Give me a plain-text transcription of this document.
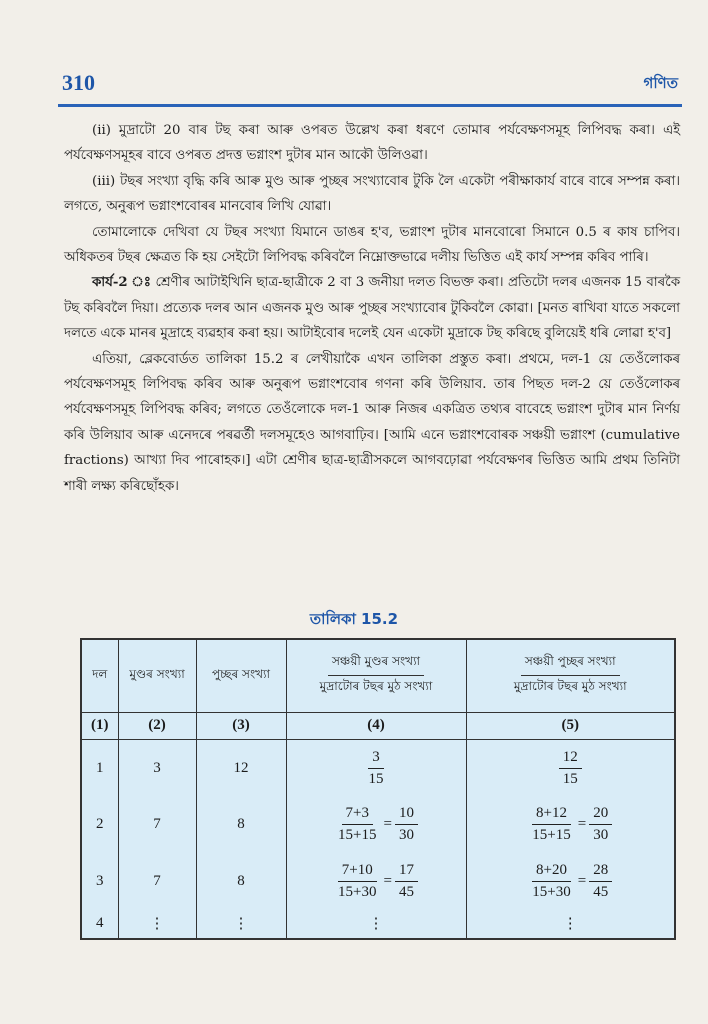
310	গণিত

(ii) মুদ্ৰাটো 20 বাৰ টছ কৰা আৰু ওপৰত উল্লেখ কৰা ধৰণে তোমাৰ পৰ্যবেক্ষণসমূহ লিপিবদ্ধ কৰা। এই পৰ্যবেক্ষণসমূহৰ বাবে ওপৰত প্ৰদত্ত ভগ্নাংশ দুটাৰ মান আকৌ উলিওৱা।

(iii) টছৰ সংখ্যা বৃদ্ধি কৰি আৰু মুণ্ড আৰু পুচ্ছৰ সংখ্যাবোৰ টুকি লৈ একেটা পৰীক্ষাকাৰ্য বাৰে বাৰে সম্পন্ন কৰা। লগতে, অনুৰূপ ভগ্নাংশবোৰৰ মানবোৰ লিখি যোৱা।

তোমালোকে দেখিবা যে টছৰ সংখ্যা যিমানে ডাঙৰ হ'ব, ভগ্নাংশ দুটাৰ মানবোৰো সিমানে 0.5 ৰ কাষ চাপিব। অধিকতৰ টছৰ ক্ষেত্ৰত কি হয় সেইটো লিপিবদ্ধ কৰিবলৈ নিম্নোক্তভাৱে দলীয় ভিত্তিত এই কাৰ্য সম্পন্ন কৰিব পাৰি।

কাৰ্য-2 ঃ শ্ৰেণীৰ আটাইখিনি ছাত্ৰ-ছাত্ৰীকে 2 বা 3 জনীয়া দলত বিভক্ত কৰা। প্ৰতিটো দলৰ এজনক 15 বাৰকৈ টছ কৰিবলৈ দিয়া। প্ৰত্যেক দলৰ আন এজনক মুণ্ড আৰু পুচ্ছৰ সংখ্যাবোৰ টুকিবলৈ কোৱা। [মনত ৰাখিবা যাতে সকলো দলতে একে মানৰ মুদ্ৰাহে ব্যৱহাৰ কৰা হয়। আটাইবোৰ দলেই যেন একেটা মুদ্ৰাকে টছ কৰিছে বুলিয়েই ধৰি লোৱা হ'ব]

এতিয়া, ব্লেকবোৰ্ডত তালিকা 15.2 ৰ লেখীয়াকৈ এখন তালিকা প্ৰস্তুত কৰা। প্ৰথমে, দল-1 য়ে তেওঁলোকৰ পৰ্যবেক্ষণসমূহ লিপিবদ্ধ কৰিব আৰু অনুৰূপ ভগ্নাংশবোৰ গণনা কৰি উলিয়াব. তাৰ পিছত দল-2 য়ে তেওঁলোকৰ পৰ্যবেক্ষণসমূহ লিপিবদ্ধ কৰিব; লগতে তেওঁলোকে দল-1 আৰু নিজৰ একত্ৰিত তথ্যৰ বাবেহে ভগ্নাংশ দুটাৰ মান নিৰ্ণয় কৰি উলিয়াব আৰু এনেদৰে পৰৱৰ্তী দলসমূহেও আগবাঢ়িব। [আমি এনে ভগ্নাংশবোৰক সঞ্চয়ী ভগ্নাংশ (cumulative fractions) আখ্যা দিব পাৰোহক।] এটা শ্ৰেণীৰ ছাত্ৰ-ছাত্ৰীসকলে আগবঢ়োৱা পৰ্যবেক্ষণৰ ভিত্তিত আমি প্ৰথম তিনিটা শাৰী লক্ষ্য কৰিছোঁহক।

তালিকা 15.2
দল	মুণ্ডৰ সংখ্যা	পুচ্ছৰ সংখ্যা	$\frac{\text{সঞ্চয়ী মুণ্ডৰ সংখ্যা}}{\text{মুদ্ৰাটোৰ টছৰ মুঠ সংখ্যা}}$	$\frac{\text{সঞ্চয়ী পুচ্ছৰ সংখ্যা}}{\text{মুদ্ৰাটোৰ টছৰ মুঠ সংখ্যা}}$

(1)	(2)	(3)	(4)	(5)
1	3	12	$\frac{3}{15}$	$\frac{12}{15}$

2	7	8	$\frac{7+3}{15+15} = \frac{10}{30}$	$\frac{8+12}{15+15} = \frac{20}{30}$

3	7	8	$\frac{7+10}{15+30} = \frac{17}{45}$	$\frac{8+20}{15+30} = \frac{28}{45}$

4	⋮	⋮	⋮	⋮
